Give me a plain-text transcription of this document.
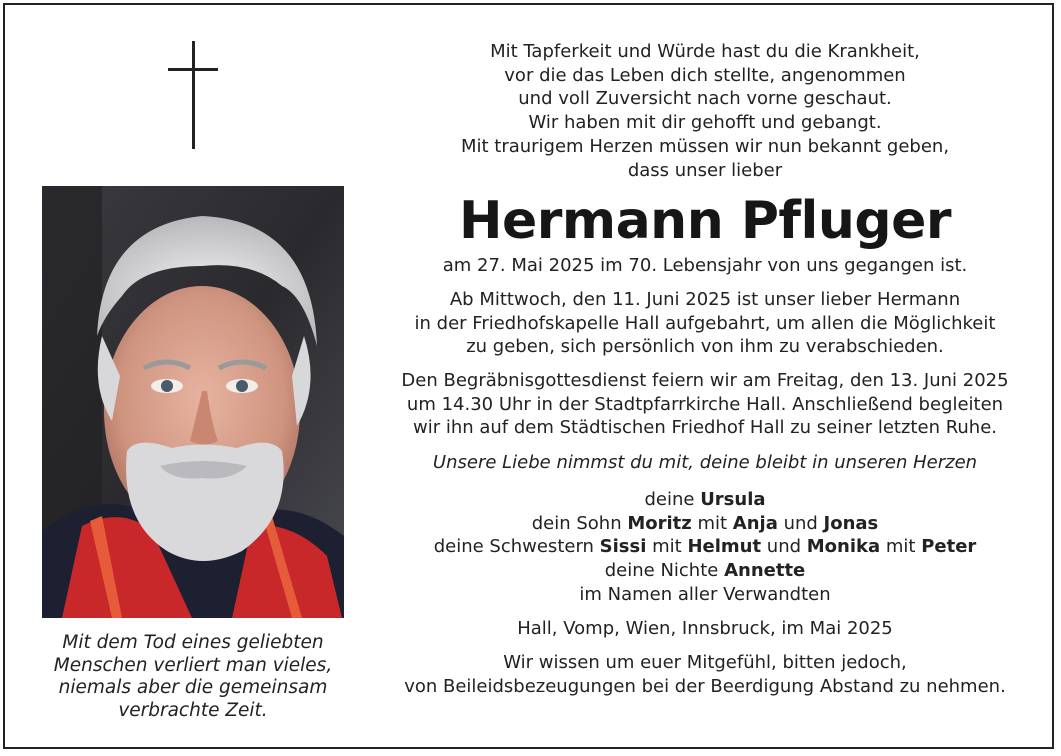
Mit dem Tod eines geliebten
Menschen verliert man vieles,
niemals aber die gemeinsam
verbrachte Zeit.

Mit Tapferkeit und Würde hast du die Krankheit,
vor die das Leben dich stellte, angenommen
und voll Zuversicht nach vorne geschaut.
Wir haben mit dir gehofft und gebangt.
Mit traurigem Herzen müssen wir nun bekannt geben,
dass unser lieber

Hermann Pfluger

am 27. Mai 2025 im 70. Lebensjahr von uns gegangen ist.

Ab Mittwoch, den 11. Juni 2025 ist unser lieber Hermann
in der Friedhofskapelle Hall aufgebahrt, um allen die Möglichkeit
zu geben, sich persönlich von ihm zu verabschieden.

Den Begräbnisgottesdienst feiern wir am Freitag, den 13. Juni 2025
um 14.30 Uhr in der Stadtpfarrkirche Hall. Anschließend begleiten
wir ihn auf dem Städtischen Friedhof Hall zu seiner letzten Ruhe.

Unsere Liebe nimmst du mit, deine bleibt in unseren Herzen

deine Ursula
dein Sohn Moritz mit Anja und Jonas
deine Schwestern Sissi mit Helmut und Monika mit Peter
deine Nichte Annette
im Namen aller Verwandten

Hall, Vomp, Wien, Innsbruck, im Mai 2025

Wir wissen um euer Mitgefühl, bitten jedoch,
von Beileidsbezeugungen bei der Beerdigung Abstand zu nehmen.
